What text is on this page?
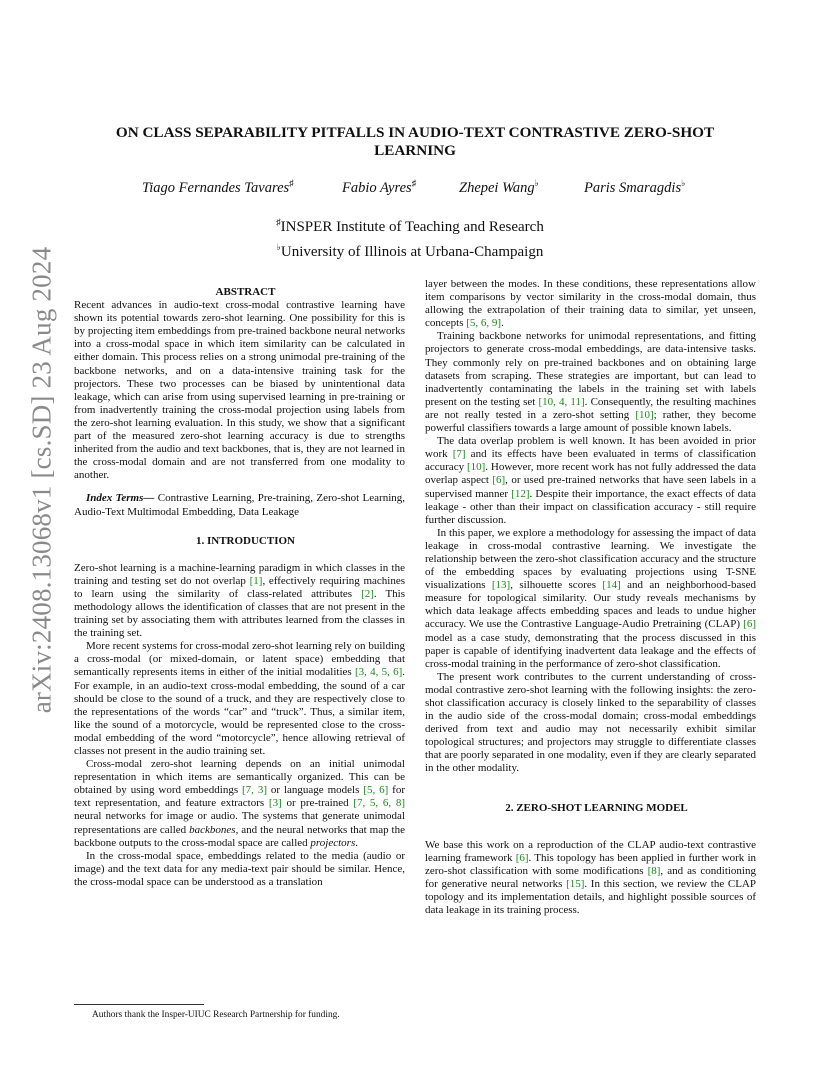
arXiv:2408.13068v1 [cs.SD] 23 Aug 2024
ON CLASS SEPARABILITY PITFALLS IN AUDIO-TEXT CONTRASTIVE ZERO-SHOT LEARNING
Tiago Fernandes Tavares♯	Fabio Ayres♯	Zhepei Wang♭	Paris Smaragdis♭
♯INSPER Institute of Teaching and Research
♭University of Illinois at Urbana-Champaign

ABSTRACT

Recent advances in audio-text cross-modal contrastive learning have shown its potential towards zero-shot learning. One possibility for this is by projecting item embeddings from pre-trained backbone neural networks into a cross-modal space in which item similarity can be calculated in either domain. This process relies on a strong unimodal pre-training of the backbone networks, and on a data-intensive training task for the projectors. These two processes can be biased by unintentional data leakage, which can arise from using supervised learning in pre-training or from inadvertently training the cross-modal projection using labels from the zero-shot learning evaluation. In this study, we show that a significant part of the measured zero-shot learning accuracy is due to strengths inherited from the audio and text backbones, that is, they are not learned in the cross-modal domain and are not transferred from one modality to another.

Index Terms— Contrastive Learning, Pre-training, Zero-shot Learning, Audio-Text Multimodal Embedding, Data Leakage

1. INTRODUCTION

Zero-shot learning is a machine-learning paradigm in which classes in the training and testing set do not overlap [1], effectively requiring machines to learn using the similarity of class-related attributes [2]. This methodology allows the identification of classes that are not present in the training set by associating them with attributes learned from the classes in the training set.

More recent systems for cross-modal zero-shot learning rely on building a cross-modal (or mixed-domain, or latent space) embedding that semantically represents items in either of the initial modalities [3, 4, 5, 6]. For example, in an audio-text cross-modal embedding, the sound of a car should be close to the sound of a truck, and they are respectively close to the representations of the words “car” and “truck”. Thus, a similar item, like the sound of a motorcycle, would be represented close to the cross-modal embedding of the word “motorcycle”, hence allowing retrieval of classes not present in the audio training set.

Cross-modal zero-shot learning depends on an initial unimodal representation in which items are semantically organized. This can be obtained by using word embeddings [7, 3] or language models [5, 6] for text representation, and feature extractors [3] or pre-trained [7, 5, 6, 8] neural networks for image or audio. The systems that generate unimodal representations are called backbones, and the neural networks that map the backbone outputs to the cross-modal space are called projectors.

In the cross-modal space, embeddings related to the media (audio or image) and the text data for any media-text pair should be similar. Hence, the cross-modal space can be understood as a translation

layer between the modes. In these conditions, these representations allow item comparisons by vector similarity in the cross-modal domain, thus allowing the extrapolation of their training data to similar, yet unseen, concepts [5, 6, 9].

Training backbone networks for unimodal representations, and fitting projectors to generate cross-modal embeddings, are data-intensive tasks. They commonly rely on pre-trained backbones and on obtaining large datasets from scraping. These strategies are important, but can lead to inadvertently contaminating the labels in the training set with labels present on the testing set [10, 4, 11]. Consequently, the resulting machines are not really tested in a zero-shot setting [10]; rather, they become powerful classifiers towards a large amount of possible known labels.

The data overlap problem is well known. It has been avoided in prior work [7] and its effects have been evaluated in terms of classification accuracy [10]. However, more recent work has not fully addressed the data overlap aspect [6], or used pre-trained networks that have seen labels in a supervised manner [12]. Despite their importance, the exact effects of data leakage - other than their impact on classification accuracy - still require further discussion.

In this paper, we explore a methodology for assessing the impact of data leakage in cross-modal contrastive learning. We investigate the relationship between the zero-shot classification accuracy and the structure of the embedding spaces by evaluating projections using T-SNE visualizations [13], silhouette scores [14] and an neighborhood-based measure for topological similarity. Our study reveals mechanisms by which data leakage affects embedding spaces and leads to undue higher accuracy. We use the Contrastive Language-Audio Pretraining (CLAP) [6] model as a case study, demonstrating that the process discussed in this paper is capable of identifying inadvertent data leakage and the effects of cross-modal training in the performance of zero-shot classification.

The present work contributes to the current understanding of cross-modal contrastive zero-shot learning with the following insights: the zero-shot classification accuracy is closely linked to the separability of classes in the audio side of the cross-modal domain; cross-modal embeddings derived from text and audio may not necessarily exhibit similar topological structures; and projectors may struggle to differentiate classes that are poorly separated in one modality, even if they are clearly separated in the other modality.

2. ZERO-SHOT LEARNING MODEL

We base this work on a reproduction of the CLAP audio-text contrastive learning framework [6]. This topology has been applied in further work in zero-shot classification with some modifications [8], and as conditioning for generative neural networks [15]. In this section, we review the CLAP topology and its implementation details, and highlight possible sources of data leakage in its training process.

Authors thank the Insper-UIUC Research Partnership for funding.
